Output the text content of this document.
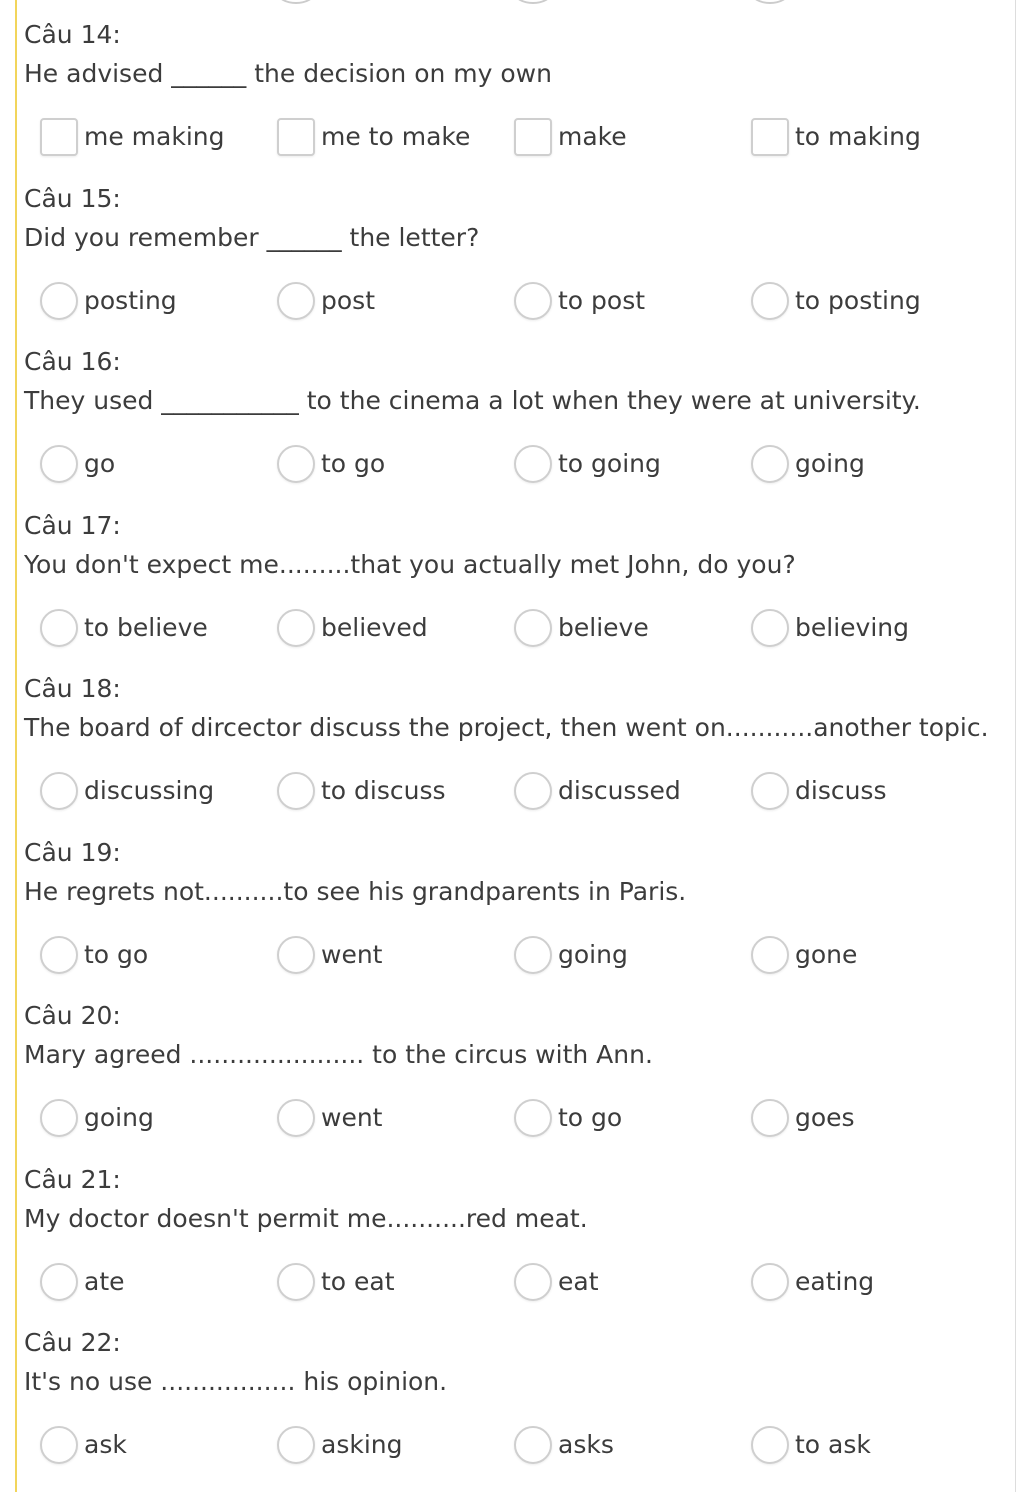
Câu 14:
He advised ______ the decision on my own
me making	me to make	make	to making
Câu 15:
Did you remember ______ the letter?
posting	post	to post	to posting
Câu 16:
They used ___________ to the cinema a lot when they were at university.
go	to go	to going	going
Câu 17:
You don't expect me.........that you actually met John, do you?
to believe	believed	believe	believing
Câu 18:
The board of dircector discuss the project, then went on...........another topic.
discussing	to discuss	discussed	discuss
Câu 19:
He regrets not..........to see his grandparents in Paris.
to go	went	going	gone
Câu 20:
Mary agreed ...................... to the circus with Ann.
going	went	to go	goes
Câu 21:
My doctor doesn't permit me..........red meat.
ate	to eat	eat	eating
Câu 22:
It's no use ................. his opinion.
ask	asking	asks	to ask
